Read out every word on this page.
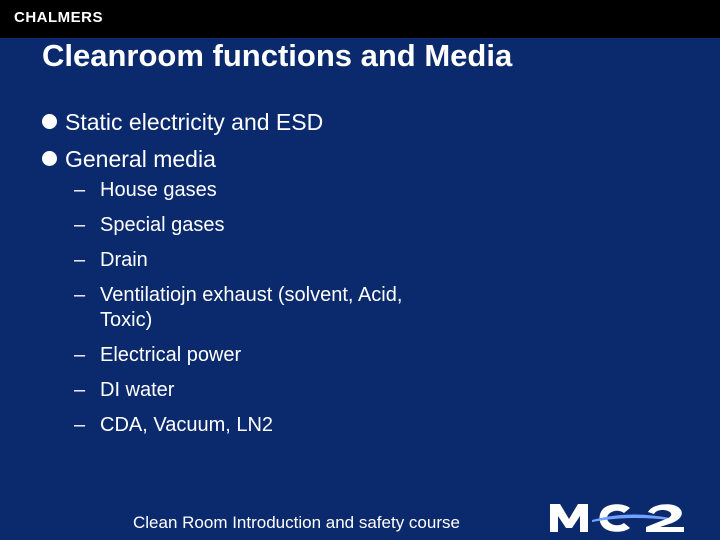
CHALMERS
Cleanroom functions and Media
Static electricity and ESD
General media
– House gases
– Special gases
– Drain
– Ventilatiojn exhaust (solvent, Acid, Toxic)
– Electrical power
– DI water
– CDA, Vacuum, LN2
Clean Room Introduction and safety course
